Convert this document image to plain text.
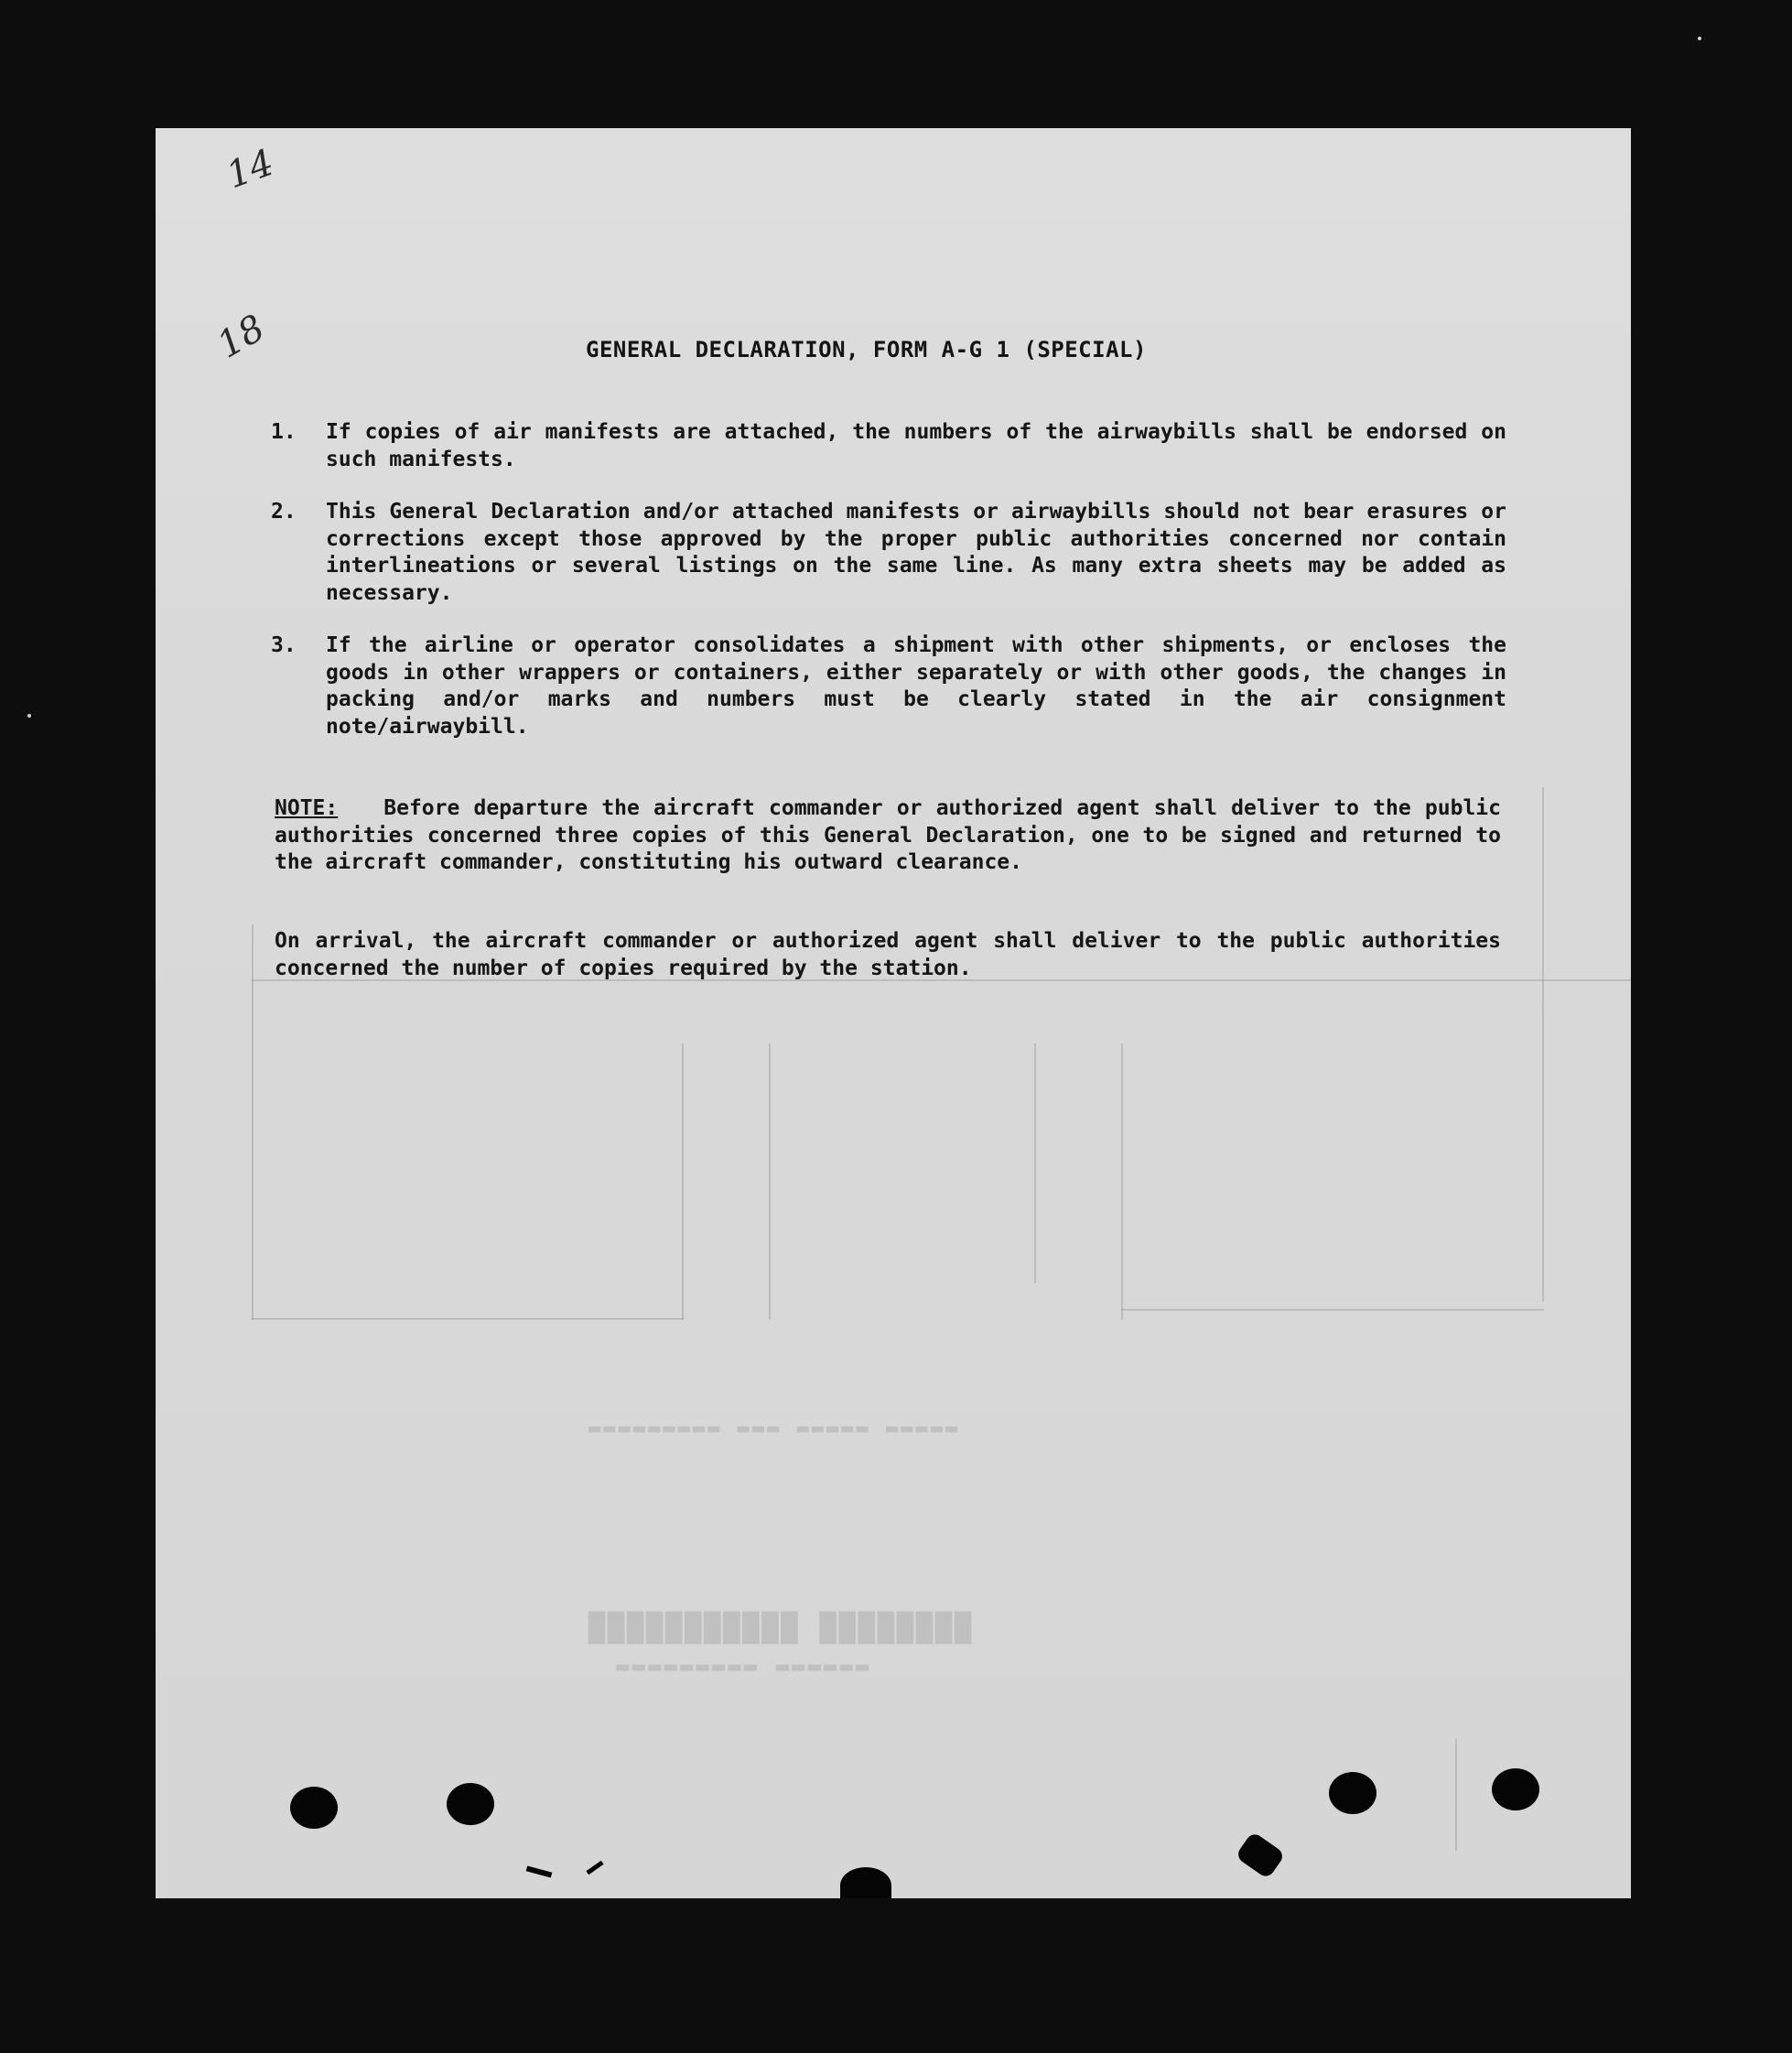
████████ ███████████
▬▬▬▬▬▬ ▬▬▬▬▬▬▬▬▬
▬▬▬▬▬ ▬▬▬▬▬ ▬▬▬ ▬▬▬▬▬▬▬▬▬
14
18	GENERAL DECLARATION, FORM A-G 1 (SPECIAL)
1.	If copies of air manifests are attached, the numbers of the airwaybills shall be endorsed on such manifests.
2.	This General Declaration and/or attached manifests or airwaybills should not bear erasures or corrections except those approved by the proper public authorities concerned nor contain interlineations or several listings on the same line. As many extra sheets may be added as necessary.
3.	If the airline or operator consolidates a shipment with other shipments, or encloses the goods in other wrappers or containers, either separately or with other goods, the changes in packing and/or marks and numbers must be clearly stated in the air consignment note/airwaybill.
NOTE: Before departure the aircraft commander or authorized agent shall deliver to the public authorities concerned three copies of this General Declaration, one to be signed and returned to the aircraft commander, constituting his outward clearance.
On arrival, the aircraft commander or authorized agent shall deliver to the public authorities concerned the number of copies required by the station.
